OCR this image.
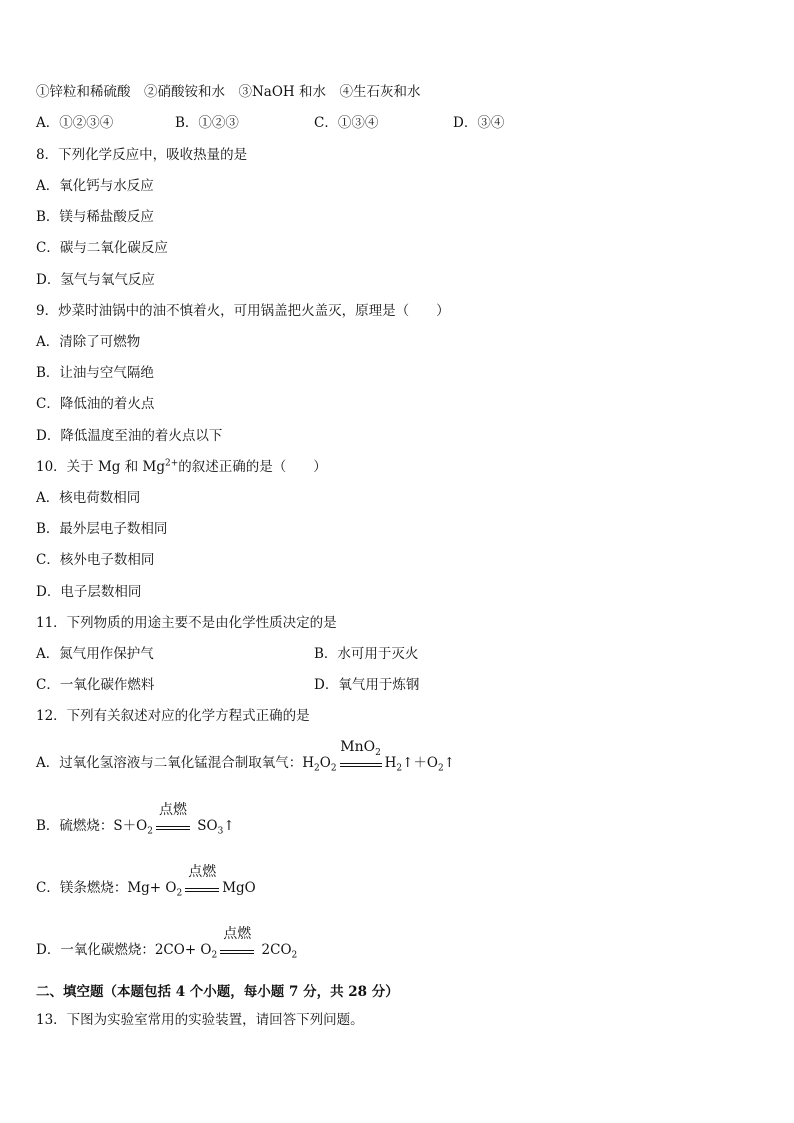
①锌粒和稀硫酸　②硝酸铵和水　③NaOH 和水　④生石灰和水
A．①②③④	B．①②③	C．①③④	D．③④
8．下列化学反应中，吸收热量的是
A．氧化钙与水反应
B．镁与稀盐酸反应
C．碳与二氧化碳反应
D．氢气与氧气反应
9．炒菜时油锅中的油不慎着火，可用锅盖把火盖灭，原理是（　　）
A．清除了可燃物
B．让油与空气隔绝
C．降低油的着火点
D．降低温度至油的着火点以下
10．关于 Mg 和 $Mg^{2+}$的叙述正确的是（　　）
A．核电荷数相同
B．最外层电子数相同
C．核外电子数相同
D．电子层数相同
11．下列物质的用途主要不是由化学性质决定的是
A．氮气用作保护气	B．水可用于灭火
C．一氧化碳作燃料	D．氧气用于炼钢
12．下列有关叙述对应的化学方程式正确的是
A．过氧化氢溶液与二氧化锰混合制取氧气：$H_2O_2$
MnO$_2$
$H_2↑+O_2↑$
B．硫燃烧：$S+O_2$
点燃
$SO_3↑$
C．镁条燃烧：$Mg+ O_2$
点燃
MgO
D．一氧化碳燃烧：$2CO+ O_2$
点燃
$2CO_2$
二、填空题（本题包括 4 个小题，每小题 7 分，共 28 分）
13．下图为实验室常用的实验装置，请回答下列问题。
